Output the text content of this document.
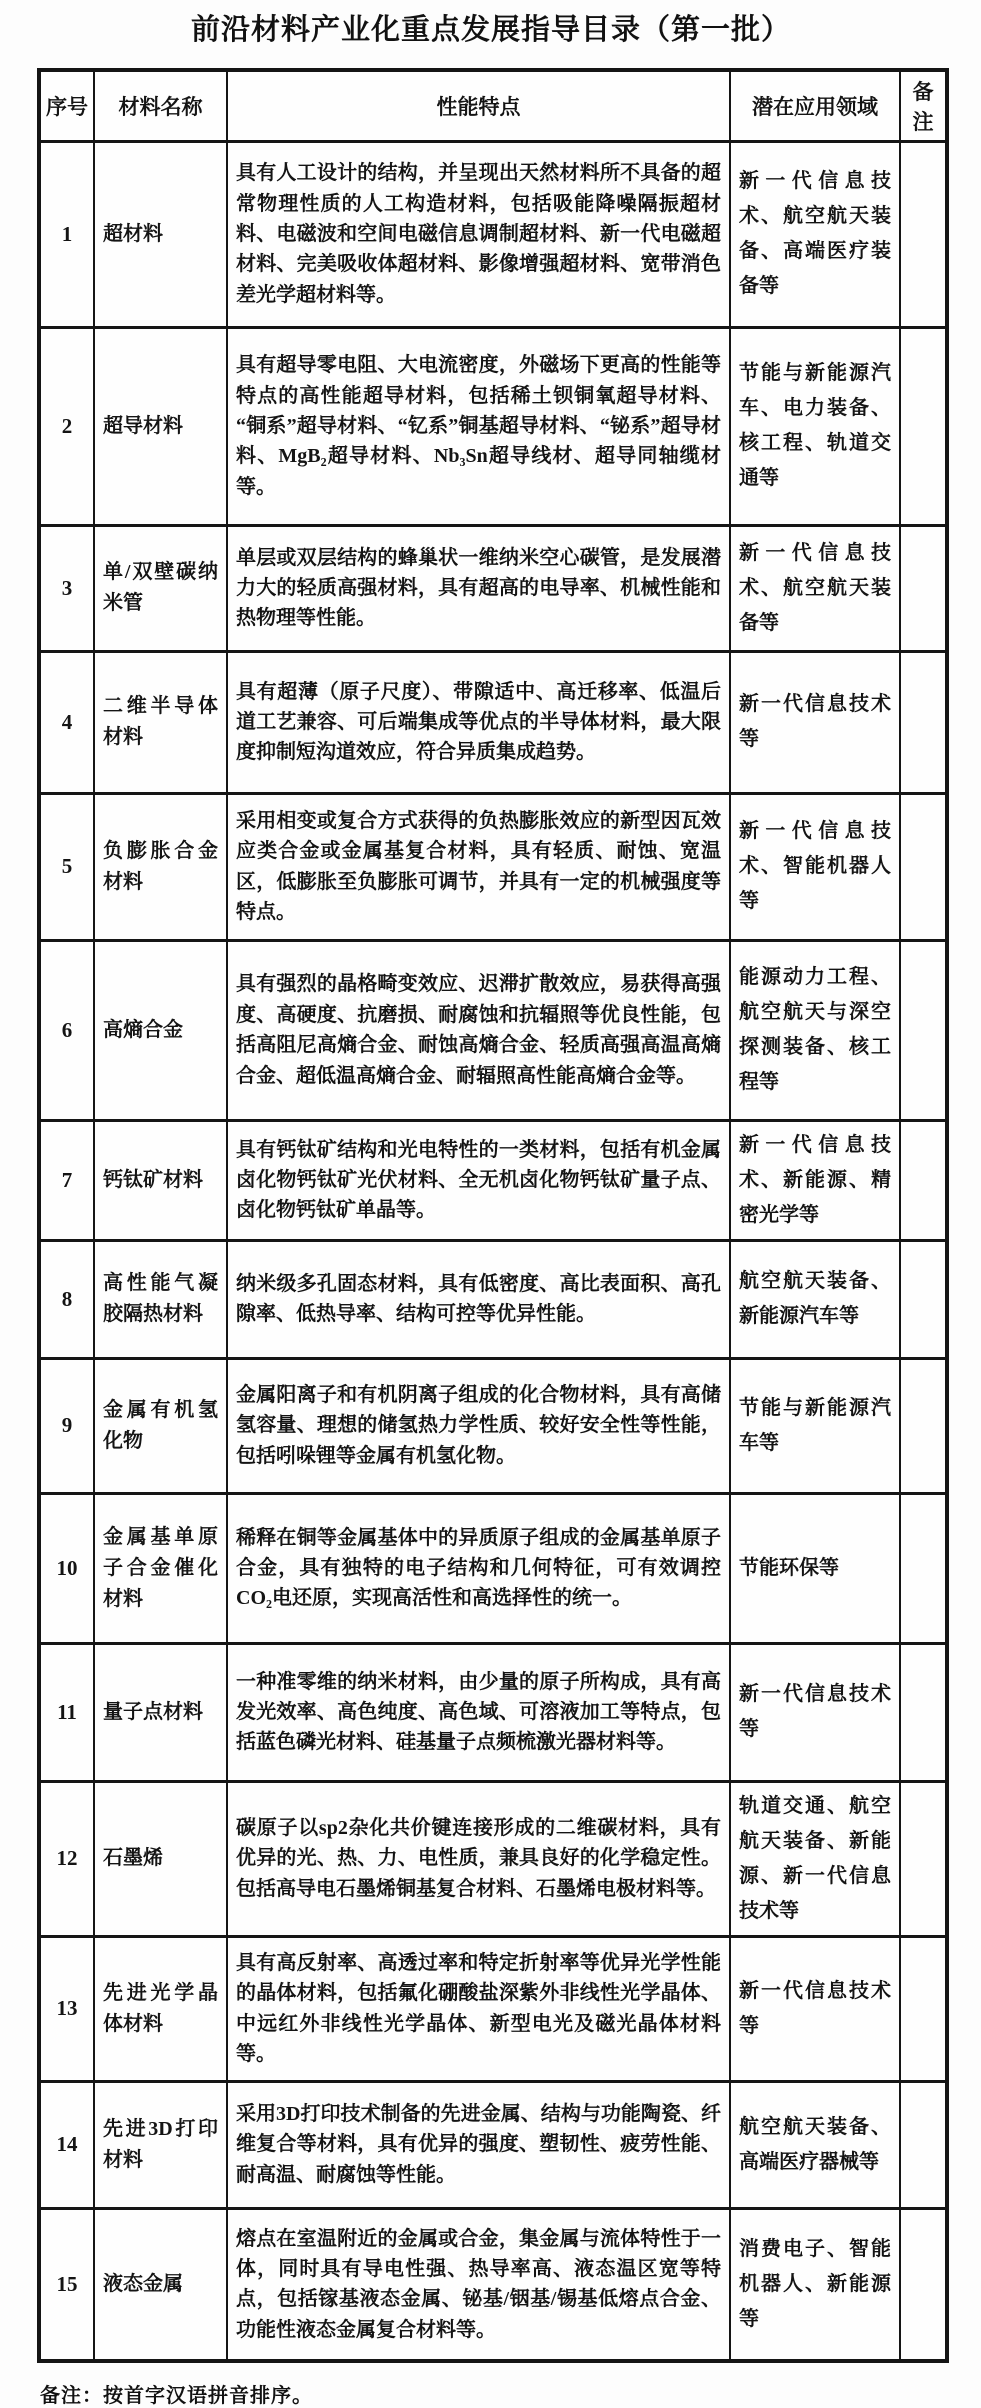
前沿材料产业化重点发展指导目录（第一批）
序号	材料名称	性能特点	潜在应用领域	备注
1	超材料	具有人工设计的结构，并呈现出天然材料所不具备的超常物理性质的人工构造材料，包括吸能降噪隔振超材料、电磁波和空间电磁信息调制超材料、新一代电磁超材料、完美吸收体超材料、影像增强超材料、宽带消色差光学超材料等。	新一代信息技术、航空航天装备、高端医疗装备等	
2	超导材料	具有超导零电阻、大电流密度，外磁场下更高的性能等特点的高性能超导材料，包括稀土钡铜氧超导材料、“铜系”超导材料、“钇系”铜基超导材料、“铋系”超导材料、MgB₂超导材料、Nb₃Sn超导线材、超导同轴缆材等。	节能与新能源汽车、电力装备、核工程、轨道交通等	
3	单/双壁碳纳米管	单层或双层结构的蜂巢状一维纳米空心碳管，是发展潜力大的轻质高强材料，具有超高的电导率、机械性能和热物理等性能。	新一代信息技术、航空航天装备等	
4	二维半导体材料	具有超薄（原子尺度）、带隙适中、高迁移率、低温后道工艺兼容、可后端集成等优点的半导体材料，最大限度抑制短沟道效应，符合异质集成趋势。	新一代信息技术等	
5	负膨胀合金材料	采用相变或复合方式获得的负热膨胀效应的新型因瓦效应类合金或金属基复合材料，具有轻质、耐蚀、宽温区，低膨胀至负膨胀可调节，并具有一定的机械强度等特点。	新一代信息技术、智能机器人等	
6	高熵合金	具有强烈的晶格畸变效应、迟滞扩散效应，易获得高强度、高硬度、抗磨损、耐腐蚀和抗辐照等优良性能，包括高阻尼高熵合金、耐蚀高熵合金、轻质高强高温高熵合金、超低温高熵合金、耐辐照高性能高熵合金等。	能源动力工程、航空航天与深空探测装备、核工程等	
7	钙钛矿材料	具有钙钛矿结构和光电特性的一类材料，包括有机金属卤化物钙钛矿光伏材料、全无机卤化物钙钛矿量子点、卤化物钙钛矿单晶等。	新一代信息技术、新能源、精密光学等	
8	高性能气凝胶隔热材料	纳米级多孔固态材料，具有低密度、高比表面积、高孔隙率、低热导率、结构可控等优异性能。	航空航天装备、新能源汽车等	
9	金属有机氢化物	金属阳离子和有机阴离子组成的化合物材料，具有高储氢容量、理想的储氢热力学性质、较好安全性等性能，包括吲哚锂等金属有机氢化物。	节能与新能源汽车等	
10	金属基单原子合金催化材料	稀释在铜等金属基体中的异质原子组成的金属基单原子合金，具有独特的电子结构和几何特征，可有效调控CO₂电还原，实现高活性和高选择性的统一。	节能环保等	
11	量子点材料	一种准零维的纳米材料，由少量的原子所构成，具有高发光效率、高色纯度、高色域、可溶液加工等特点，包括蓝色磷光材料、硅基量子点频梳激光器材料等。	新一代信息技术等	
12	石墨烯	碳原子以sp2杂化共价键连接形成的二维碳材料，具有优异的光、热、力、电性质，兼具良好的化学稳定性。包括高导电石墨烯铜基复合材料、石墨烯电极材料等。	轨道交通、航空航天装备、新能源、新一代信息技术等	
13	先进光学晶体材料	具有高反射率、高透过率和特定折射率等优异光学性能的晶体材料，包括氟化硼酸盐深紫外非线性光学晶体、中远红外非线性光学晶体、新型电光及磁光晶体材料等。	新一代信息技术等	
14	先进3D打印材料	采用3D打印技术制备的先进金属、结构与功能陶瓷、纤维复合等材料，具有优异的强度、塑韧性、疲劳性能、耐高温、耐腐蚀等性能。	航空航天装备、高端医疗器械等	
15	液态金属	熔点在室温附近的金属或合金，集金属与流体特性于一体，同时具有导电性强、热导率高、液态温区宽等特点，包括镓基液态金属、铋基/铟基/锡基低熔点合金、功能性液态金属复合材料等。	消费电子、智能机器人、新能源等	

备注：按首字汉语拼音排序。
